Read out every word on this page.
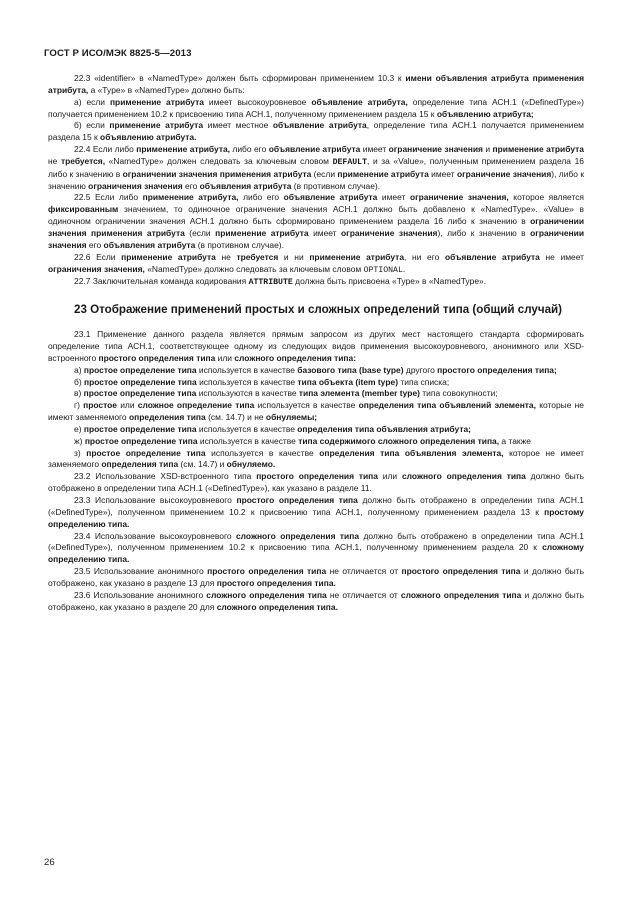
ГОСТ Р ИСО/МЭК 8825-5—2013

22.3 «identifier» в «NamedType» должен быть сформирован применением 10.3 к имени объявления атрибута применения атрибута, а «Type» в «NamedType» должно быть:

а) если применение атрибута имеет высокоуровневое объявление атрибута, определение типа АСН.1 («DefinedType») получается применением 10.2 к присвоению типа АСН.1, полученному применением раздела 15 к объявлению атрибута;

б) если применение атрибута имеет местное объявление атрибута, определение типа АСН.1 получается применением раздела 15 к объявлению атрибута.

22.4 Если либо применение атрибута, либо его объявление атрибута имеет ограничение значения и применение атрибута не требуется, «NamedType» должен следовать за ключевым словом DEFAULT, и за «Value», полученным применением раздела 16 либо к значению в ограничении значения применения атрибута (если применение атрибута имеет ограничение значения), либо к значению ограничения значения его объявления атрибута (в противном случае).

22.5 Если либо применение атрибута, либо его объявление атрибута имеет ограничение значения, которое является фиксированным значением, то одиночное ограничение значения АСН.1 должно быть добавлено к «NamedType». «Value» в одиночном ограничении значения АСН.1 должно быть сформировано применением раздела 16 либо к значению в ограничении значения применения атрибута (если применение атрибута имеет ограничение значения), либо к значению в ограничении значения его объявления атрибута (в противном случае).

22.6 Если применение атрибута не требуется и ни применение атрибута, ни его объявление атрибута не имеет ограничения значения, «NamedType» должно следовать за ключевым словом OPTIONAL.

22.7 Заключительная команда кодирования ATTRIBUTE должна быть присвоена «Type» в «NamedType».

23 Отображение применений простых и сложных определений типа (общий случай)

23.1 Применение данного раздела является прямым запросом из других мест настоящего стандарта сформировать определение типа АСН.1, соответствующее одному из следующих видов применения высокоуровневого, анонимного или XSD-встроенного простого определения типа или сложного определения типа:

а) простое определение типа используется в качестве базового типа (base type) другого простого определения типа;

б) простое определение типа используется в качестве типа объекта (item type) типа списка;

в) простое определение типа используются в качестве типа элемента (member type) типа совокупности;

г) простое или сложное определение типа используется в качестве определения типа объявлений элемента, которые не имеют заменяемого определения типа (см. 14.7) и не обнуляемы;

е) простое определение типа используется в качестве определения типа объявления атрибута;

ж) простое определение типа используется в качестве типа содержимого сложного определения типа, а также

з) простое определение типа используется в качестве определения типа объявления элемента, которое не имеет заменяемого определения типа (см. 14.7) и обнуляемо.

23.2 Использование XSD-встроенного типа простого определения типа или сложного определения типа должно быть отображено в определении типа АСН.1 («DefinedType»), как указано в разделе 11.

23.3 Использование высокоуровневого простого определения типа должно быть отображено в определении типа АСН.1 («DefinedType»), полученном применением 10.2 к присвоению типа АСН.1, полученному применением раздела 13 к простому определению типа.

23.4 Использование высокоуровневого сложного определения типа должно быть отображено в определении типа АСН.1 («DefinedType»), полученном применением 10.2 к присвоению типа АСН.1, полученному применением раздела 20 к сложному определению типа.

23.5 Использование анонимного простого определения типа не отличается от простого определения типа и должно быть отображено, как указано в разделе 13 для простого определения типа.

23.6 Использование анонимного сложного определения типа не отличается от сложного определения типа и должно быть отображено, как указано в разделе 20 для сложного определения типа.

26
